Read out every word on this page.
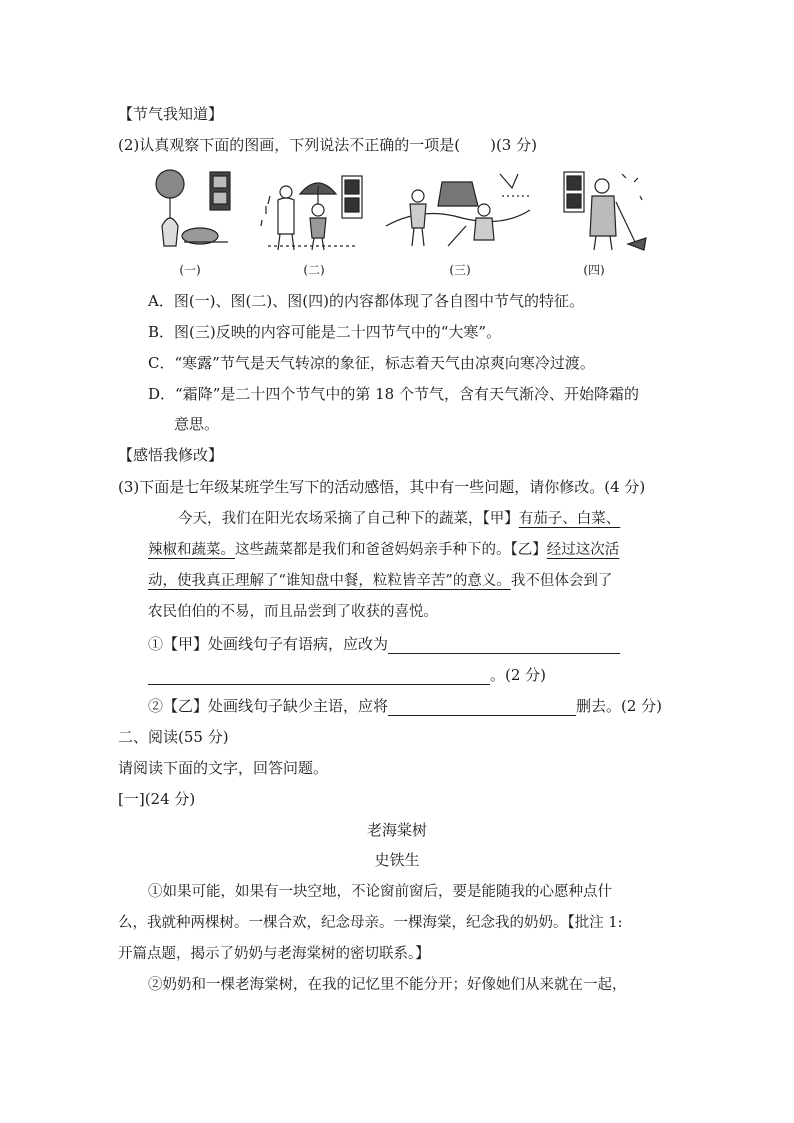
【节气我知道】
(2)认真观察下面的图画，下列说法不正确的一项是(　　)(3 分)
(一)	(二)	(三)	(四)
A．图(一)、图(二)、图(四)的内容都体现了各自图中节气的特征。
B．图(三)反映的内容可能是二十四节气中的“大寒”。
C．“寒露”节气是天气转凉的象征，标志着天气由凉爽向寒冷过渡。
D．“霜降”是二十四个节气中的第 18 个节气，含有天气渐冷、开始降霜的
意思。
【感悟我修改】
(3)下面是七年级某班学生写下的活动感悟，其中有一些问题，请你修改。(4 分)
今天，我们在阳光农场采摘了自己种下的蔬菜，【甲】有茄子、白菜、
辣椒和蔬菜。这些蔬菜都是我们和爸爸妈妈亲手种下的。【乙】经过这次活
动，使我真正理解了“谁知盘中餐，粒粒皆辛苦”的意义。我不但体会到了
农民伯伯的不易，而且品尝到了收获的喜悦。
①【甲】处画线句子有语病，应改为
。(2 分)
②【乙】处画线句子缺少主语，应将	删去。(2 分)
二、阅读(55 分)
请阅读下面的文字，回答问题。
[一](24 分)
老海棠树
史铁生
①如果可能，如果有一块空地，不论窗前窗后，要是能随我的心愿种点什
么，我就种两棵树。一棵合欢，纪念母亲。一棵海棠，纪念我的奶奶。【批注 1:
开篇点题，揭示了奶奶与老海棠树的密切联系。】
②奶奶和一棵老海棠树，在我的记忆里不能分开；好像她们从来就在一起，
